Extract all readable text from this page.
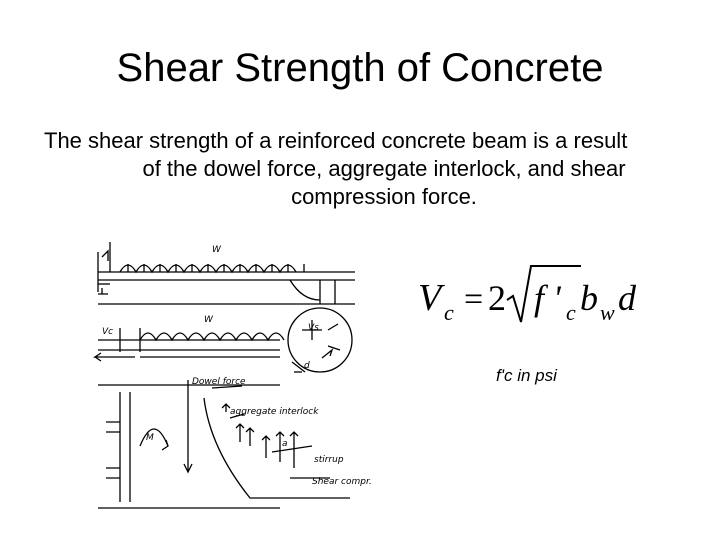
Shear Strength of Concrete
The shear strength of a reinforced concrete beam is a result
of the dowel force, aggregate interlock, and shear compression force.
W
W
Dowel force
aggregate interlock
stirrup
Shear compr.
M
Vs
Vc
a
d
V c = 2 f ' c b w d
f'c in psi
